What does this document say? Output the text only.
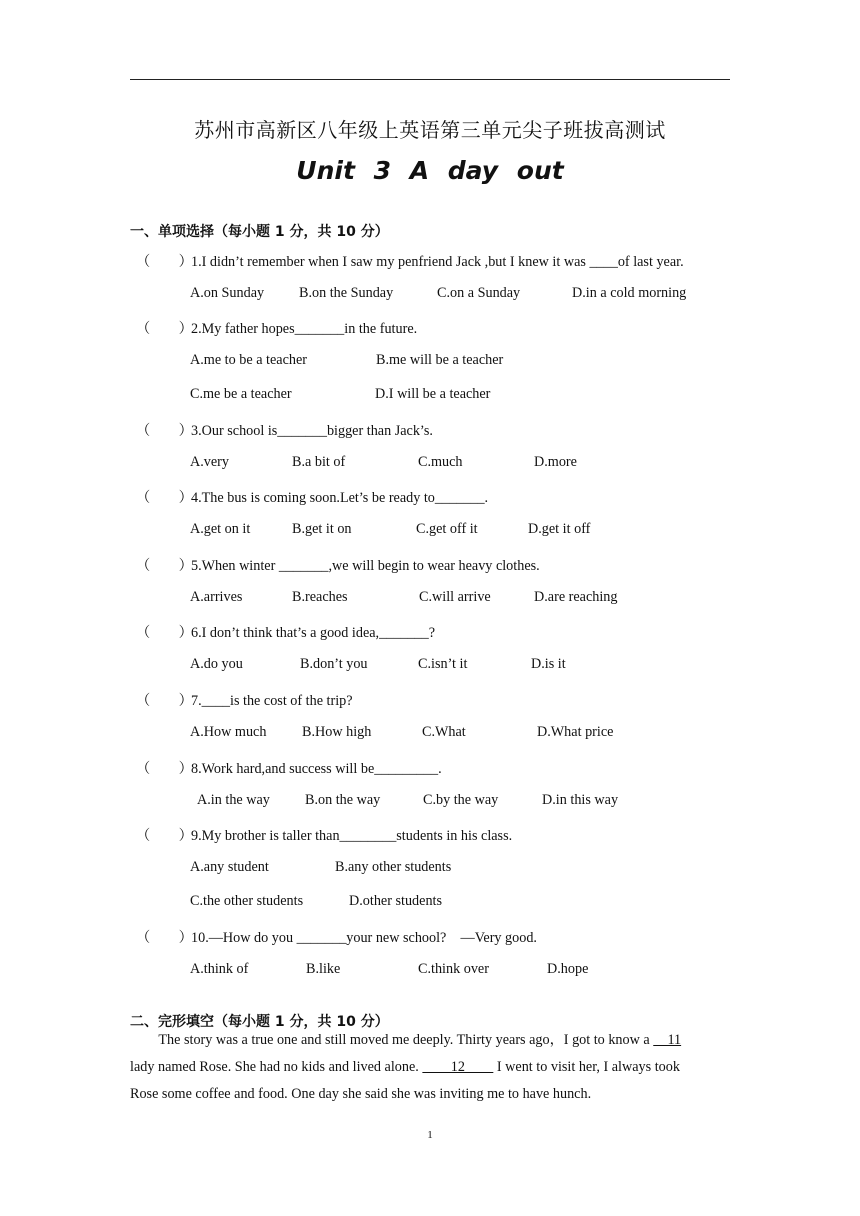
苏州市高新区八年级上英语第三单元尖子班拔高测试
Unit 3 A day out
一、单项选择（每小题 1 分，共 10 分）
（　　）1.I didn’t remember when I saw my penfriend Jack ,but I knew it was ____of last year.
A.on Sunday B.on the Sunday	C.on a Sunday	D.in a cold morning
（　　）2.My father hopes_______in the future.
A.me to be a teacher	B.me will be a teacher
C.me be a teacher	D.I will be a teacher
（　　）3.Our school is_______bigger than Jack’s.
A.very	B.a bit of	C.much	D.more
（　　）4.The bus is coming soon.Let’s be ready to_______.
A.get on it	B.get it on	C.get off it	D.get it off
（　　）5.When winter _______,we will begin to wear heavy clothes.
A.arrives	B.reaches	C.will arrive	D.are reaching
（　　）6.I don’t think that’s a good idea,_______?
A.do you	B.don’t you	C.isn’t it	D.is it
（　　）7.____is the cost of the trip?
A.How much	B.How high	C.What	D.What price
（　　）8.Work hard,and success will be_________.
A.in the way B.on the way	C.by the way	D.in this way
（　　）9.My brother is taller than________students in his class.
A.any student	B.any other students
C.the other students	D.other students
（　　）10.—How do you _______your new school?　—Very good.
A.think of	B.like	C.think over	D.hope
二、完形填空（每小题 1 分，共 10 分）
　　The story was a true one and still moved me deeply. Thirty years ago，I got to know a 　11
lady named Rose. She had no kids and lived alone. 　　12　　 I went to visit her, I always took
Rose some coffee and food. One day she said she was inviting me to have hunch.
1
